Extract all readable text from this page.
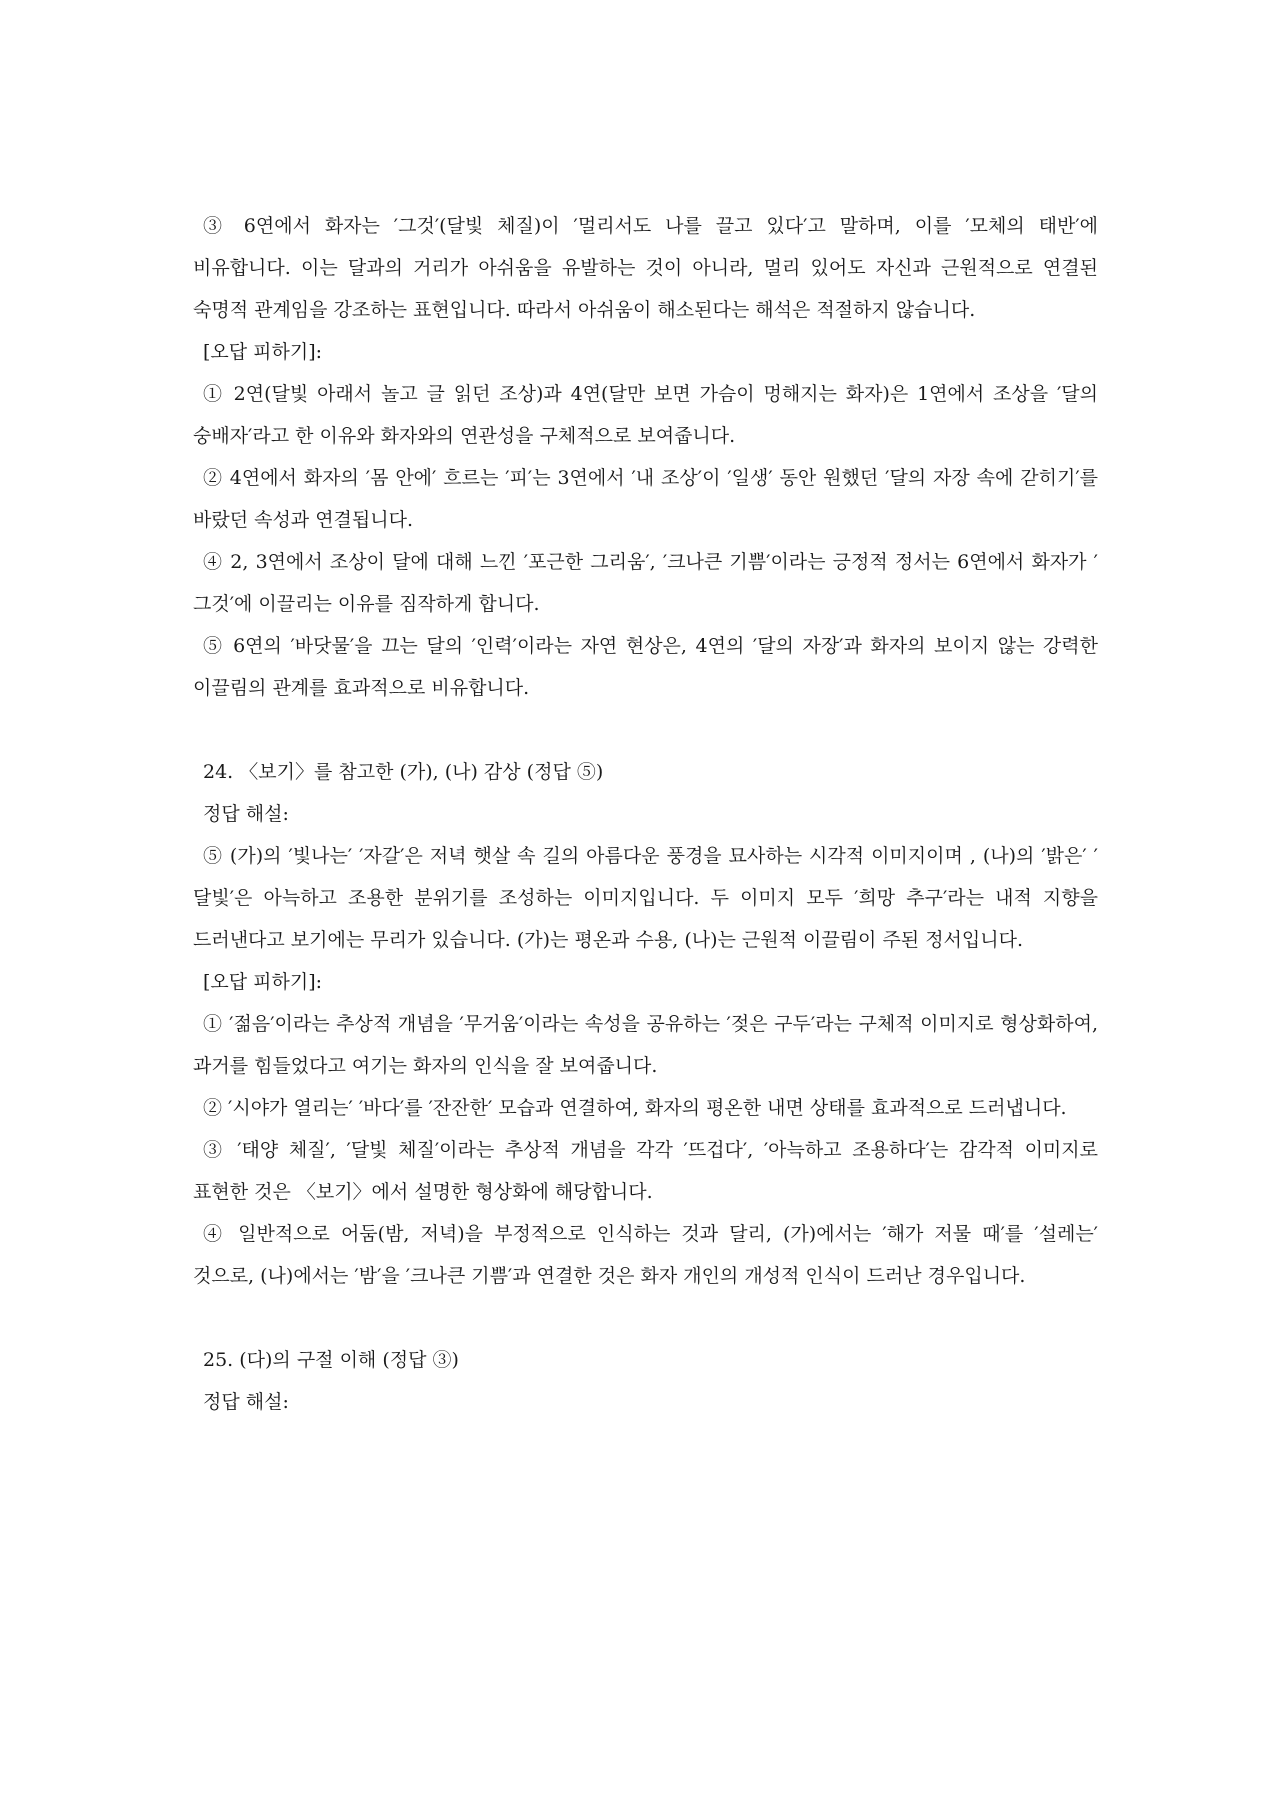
③ 6연에서 화자는 ′그것′(달빛 체질)이 ′멀리서도 나를 끌고 있다′고 말하며, 이를 ′모체의 태반′에 비유합니다. 이는 달과의 거리가 아쉬움을 유발하는 것이 아니라, 멀리 있어도 자신과 근원적으로 연결된 숙명적 관계임을 강조하는 표현입니다. 따라서 아쉬움이 해소된다는 해석은 적절하지 않습니다.

[오답 피하기]:

① 2연(달빛 아래서 놀고 글 읽던 조상)과 4연(달만 보면 가슴이 멍해지는 화자)은 1연에서 조상을 ′달의 숭배자′라고 한 이유와 화자와의 연관성을 구체적으로 보여줍니다.

② 4연에서 화자의 ′몸 안에′ 흐르는 ′피′는 3연에서 ′내 조상′이 ′일생′ 동안 원했던 ′달의 자장 속에 갇히기′를 바랐던 속성과 연결됩니다.

④ 2, 3연에서 조상이 달에 대해 느낀 ′포근한 그리움′, ′크나큰 기쁨′이라는 긍정적 정서는 6연에서 화자가 ′그것′에 이끌리는 이유를 짐작하게 합니다.

⑤ 6연의 ′바닷물′을 끄는 달의 ′인력′이라는 자연 현상은, 4연의 ′달의 자장′과 화자의 보이지 않는 강력한 이끌림의 관계를 효과적으로 비유합니다.

24. 〈보기〉를 참고한 (가), (나) 감상 (정답 ⑤)

정답 해설:

⑤ (가)의 ′빛나는′ ′자갈′은 저녁 햇살 속 길의 아름다운 풍경을 묘사하는 시각적 이미지이며 , (나)의 ′밝은′ ′달빛′은 아늑하고 조용한 분위기를 조성하는 이미지입니다. 두 이미지 모두 ′희망 추구′라는 내적 지향을 드러낸다고 보기에는 무리가 있습니다. (가)는 평온과 수용, (나)는 근원적 이끌림이 주된 정서입니다.

[오답 피하기]:

① ′젊음′이라는 추상적 개념을 ′무거움′이라는 속성을 공유하는 ′젖은 구두′라는 구체적 이미지로 형상화하여, 과거를 힘들었다고 여기는 화자의 인식을 잘 보여줍니다.

② ′시야가 열리는′ ′바다′를 ′잔잔한′ 모습과 연결하여, 화자의 평온한 내면 상태를 효과적으로 드러냅니다.

③ ′태양 체질′, ′달빛 체질′이라는 추상적 개념을 각각 ′뜨겁다′, ′아늑하고 조용하다′는 감각적 이미지로 표현한 것은 〈보기〉에서 설명한 형상화에 해당합니다.

④ 일반적으로 어둠(밤, 저녁)을 부정적으로 인식하는 것과 달리, (가)에서는 ′해가 저물 때′를 ′설레는′ 것으로, (나)에서는 ′밤′을 ′크나큰 기쁨′과 연결한 것은 화자 개인의 개성적 인식이 드러난 경우입니다.

25. (다)의 구절 이해 (정답 ③)

정답 해설:
